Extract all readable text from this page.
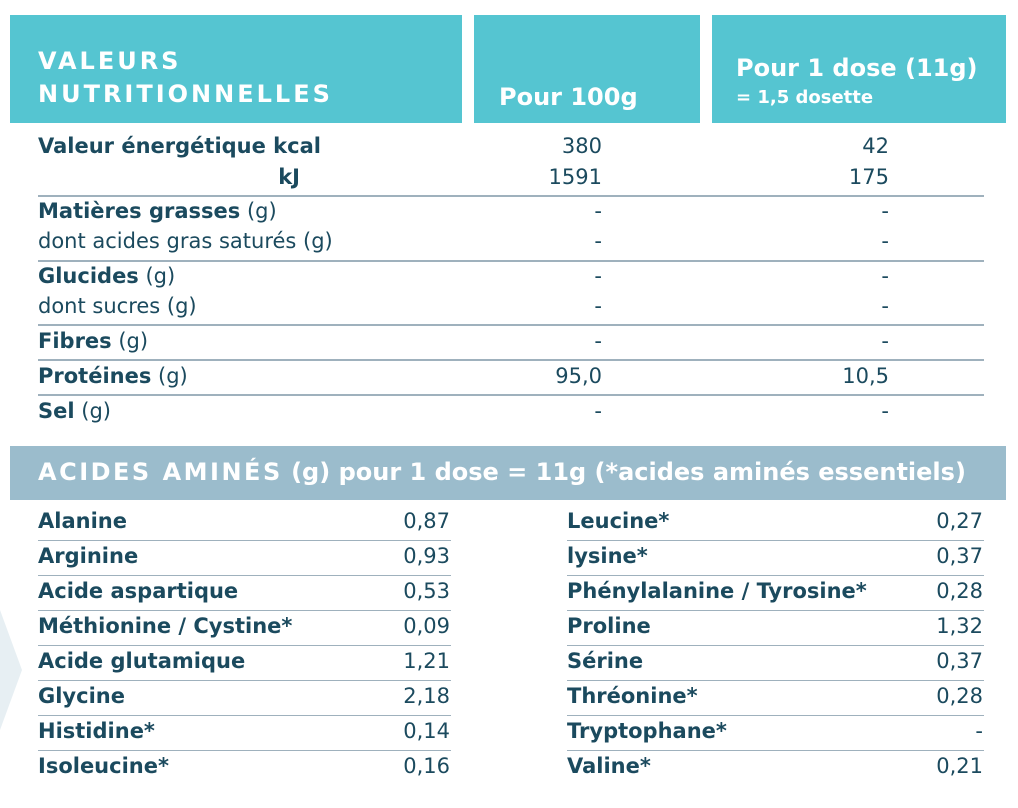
VALEURS
NUTRITIONNELLES	Pour 100g
Pour 1 dose (11g)
= 1,5 dosette
Valeur énergétique kcal	380	42
kJ	1591	175
Matières grasses (g)	-	-
dont acides gras saturés (g)	-	-
Glucides (g)	-	-
dont sucres (g)	-	-
Fibres (g)	-	-
Protéines (g)	95,0	10,5
Sel (g)	-	-
ACIDES AMINÉS (g) pour 1 dose = 11g (*acides aminés essentiels)
Alanine	0,87
Arginine	0,93
Acide aspartique	0,53
Méthionine / Cystine*	0,09
Acide glutamique	1,21
Glycine	2,18
Histidine*	0,14
Isoleucine*	0,16
Leucine*	0,27
lysine*	0,37
Phénylalanine / Tyrosine*	0,28
Proline	1,32
Sérine	0,37
Thréonine*	0,28
Tryptophane*	-
Valine*	0,21
